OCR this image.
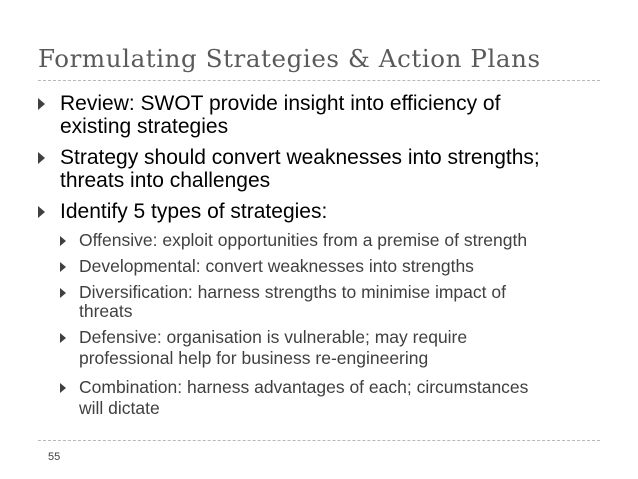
Formulating Strategies & Action Plans
Review: SWOT provide insight into efficiency of
existing strategies
Strategy should convert weaknesses into strengths;
threats into challenges
Identify 5 types of strategies:
Offensive: exploit opportunities from a premise of strength
Developmental: convert weaknesses into strengths
Diversification: harness strengths to minimise impact of
threats
Defensive: organisation is vulnerable; may require
professional help for business re-engineering
Combination: harness advantages of each; circumstances
will dictate
55
